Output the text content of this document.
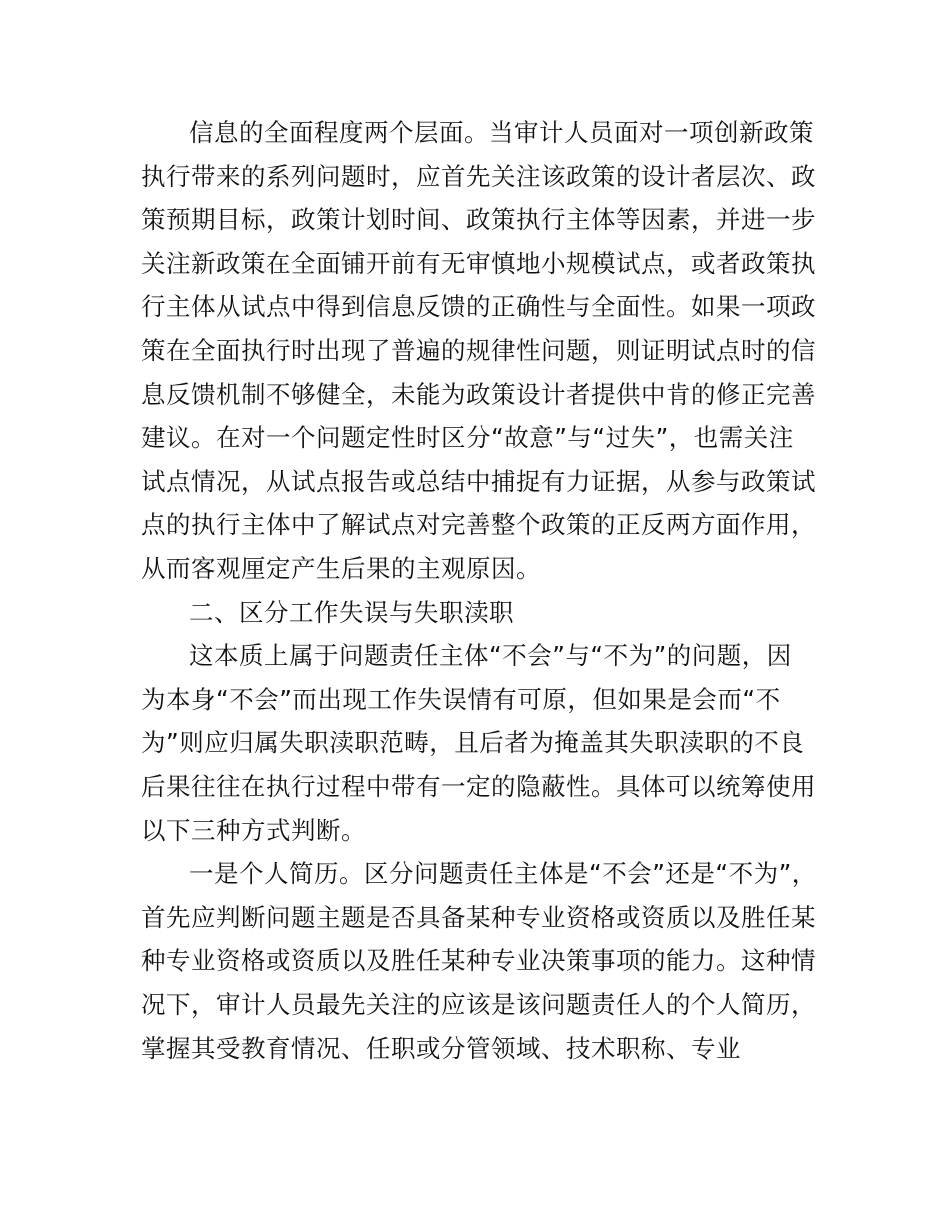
信息的全面程度两个层面。当审计人员面对一项创新政策
执行带来的系列问题时，应首先关注该政策的设计者层次、政
策预期目标，政策计划时间、政策执行主体等因素，并进一步
关注新政策在全面铺开前有无审慎地小规模试点，或者政策执
行主体从试点中得到信息反馈的正确性与全面性。如果一项政
策在全面执行时出现了普遍的规律性问题，则证明试点时的信
息反馈机制不够健全，未能为政策设计者提供中肯的修正完善
建议。在对一个问题定性时区分“故意”与“过失”，也需关注
试点情况，从试点报告或总结中捕捉有力证据，从参与政策试
点的执行主体中了解试点对完善整个政策的正反两方面作用，
从而客观厘定产生后果的主观原因。
二、区分工作失误与失职渎职
这本质上属于问题责任主体“不会”与“不为”的问题，因
为本身“不会”而出现工作失误情有可原，但如果是会而“不
为”则应归属失职渎职范畴，且后者为掩盖其失职渎职的不良
后果往往在执行过程中带有一定的隐蔽性。具体可以统筹使用
以下三种方式判断。
一是个人简历。区分问题责任主体是“不会”还是“不为”，
首先应判断问题主题是否具备某种专业资格或资质以及胜任某
种专业资格或资质以及胜任某种专业决策事项的能力。这种情
况下，审计人员最先关注的应该是该问题责任人的个人简历，
掌握其受教育情况、任职或分管领域、技术职称、专业
